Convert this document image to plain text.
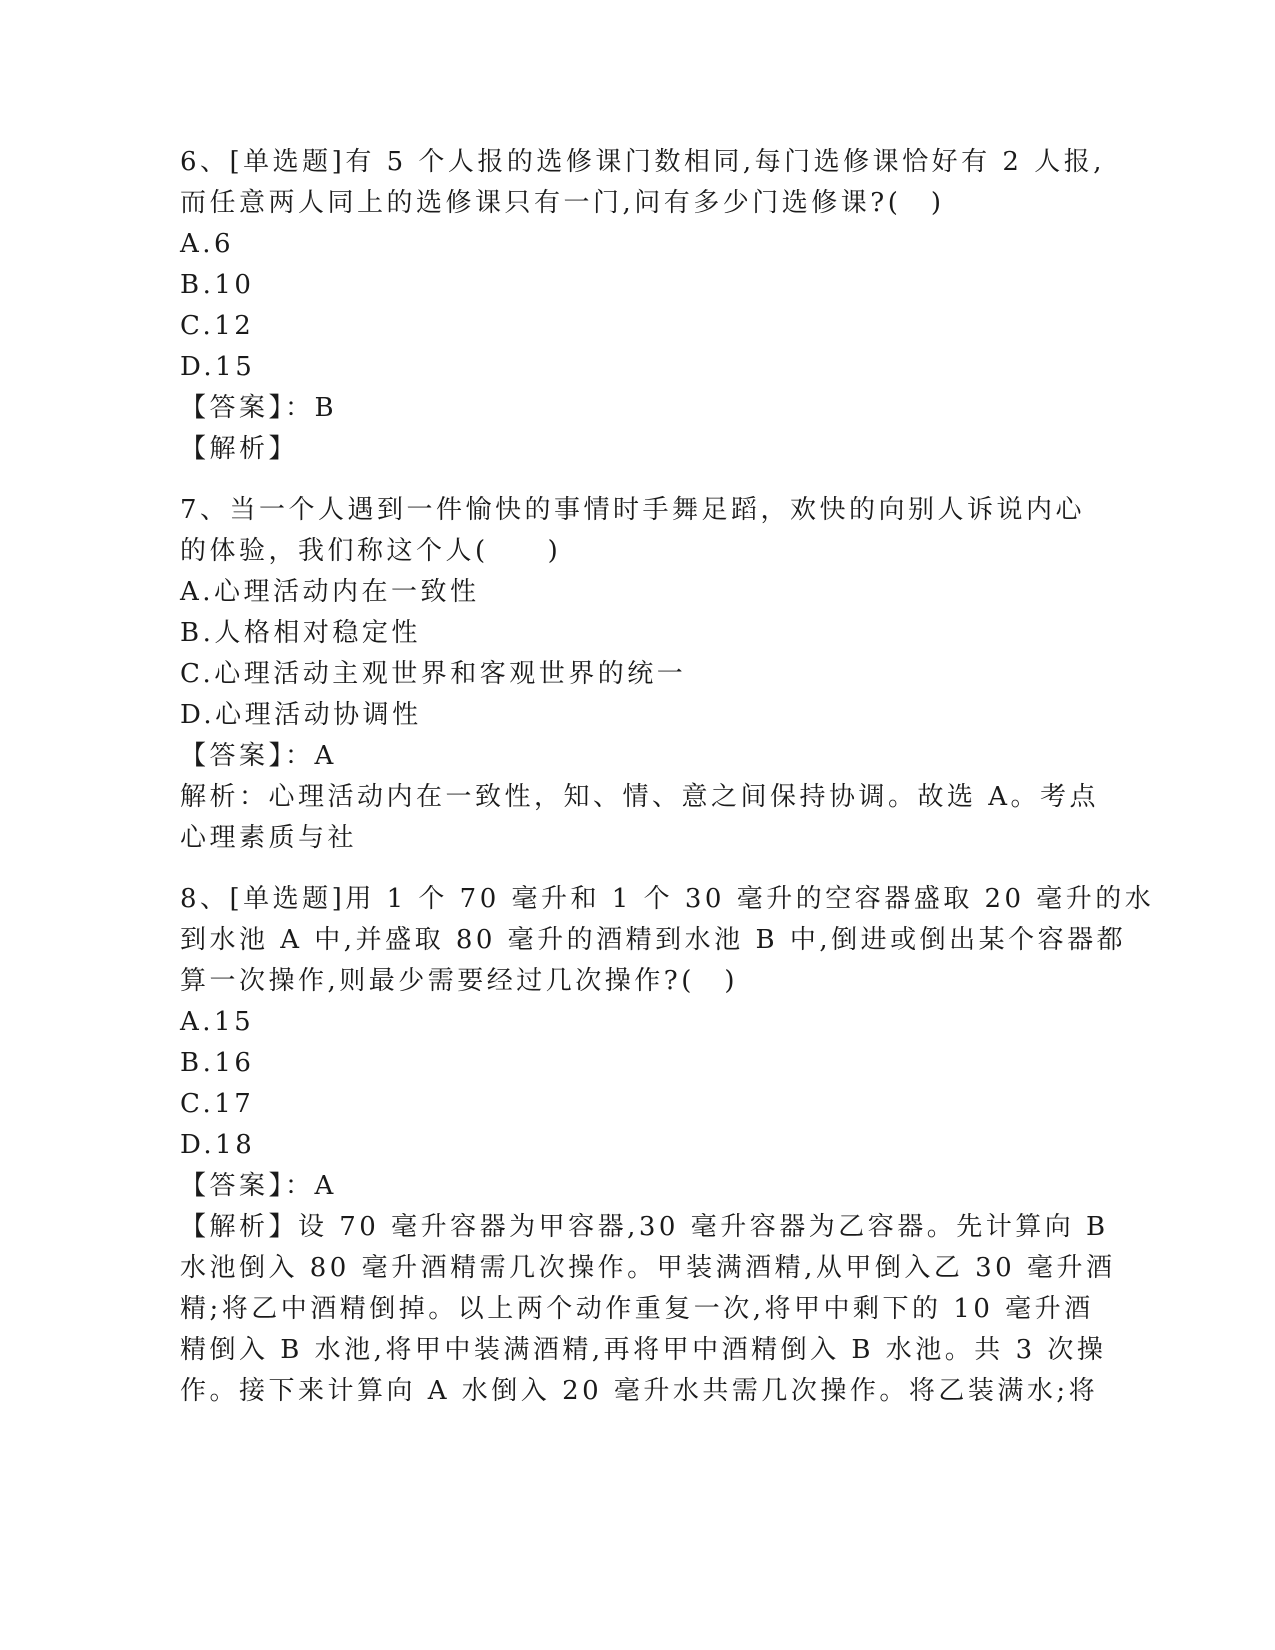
6、[单选题]有 5 个人报的选修课门数相同,每门选修课恰好有 2 人报,
而任意两人同上的选修课只有一门,问有多少门选修课?(　)
A.6
B.10
C.12
D.15
【答案】：B
【解析】
7、当一个人遇到一件愉快的事情时手舞足蹈，欢快的向别人诉说内心
的体验，我们称这个人(　　)
A.心理活动内在一致性
B.人格相对稳定性
C.心理活动主观世界和客观世界的统一
D.心理活动协调性
【答案】：A
解析：心理活动内在一致性，知、情、意之间保持协调。故选 A。考点
心理素质与社
8、[单选题]用 1 个 70 毫升和 1 个 30 毫升的空容器盛取 20 毫升的水
到水池 A 中,并盛取 80 毫升的酒精到水池 B 中,倒进或倒出某个容器都
算一次操作,则最少需要经过几次操作?(　)
A.15
B.16
C.17
D.18
【答案】：A
【解析】设 70 毫升容器为甲容器,30 毫升容器为乙容器。先计算向 B
水池倒入 80 毫升酒精需几次操作。甲装满酒精,从甲倒入乙 30 毫升酒
精;将乙中酒精倒掉。以上两个动作重复一次,将甲中剩下的 10 毫升酒
精倒入 B 水池,将甲中装满酒精,再将甲中酒精倒入 B 水池。共 3 次操
作。接下来计算向 A 水倒入 20 毫升水共需几次操作。将乙装满水;将
